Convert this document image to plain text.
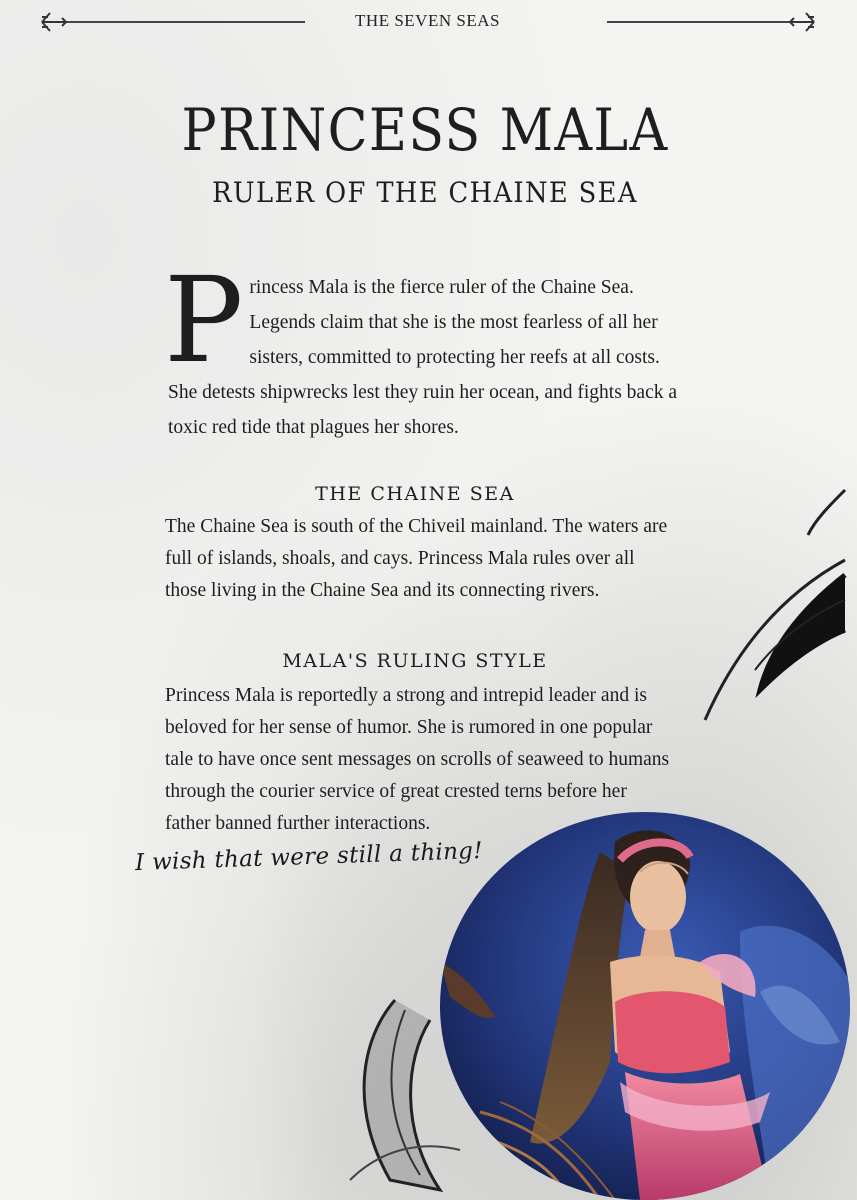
THE SEVEN SEAS
PRINCESS MALA
RULER OF THE CHAINE SEA

Princess Mala is the fierce ruler of the Chaine Sea. Legends claim that she is the most fearless of all her sisters, committed to protecting her reefs at all costs. She detests shipwrecks lest they ruin her ocean, and fights back a toxic red tide that plagues her shores.

THE CHAINE SEA

The Chaine Sea is south of the Chiveil mainland. The waters are full of islands, shoals, and cays. Princess Mala rules over all those living in the Chaine Sea and its connecting rivers.

MALA'S RULING STYLE

Princess Mala is reportedly a strong and intrepid leader and is beloved for her sense of humor. She is rumored in one popular tale to have once sent messages on scrolls of seaweed to humans through the courier service of great crested terns before her father banned further interactions.

I wish that were still a thing!
